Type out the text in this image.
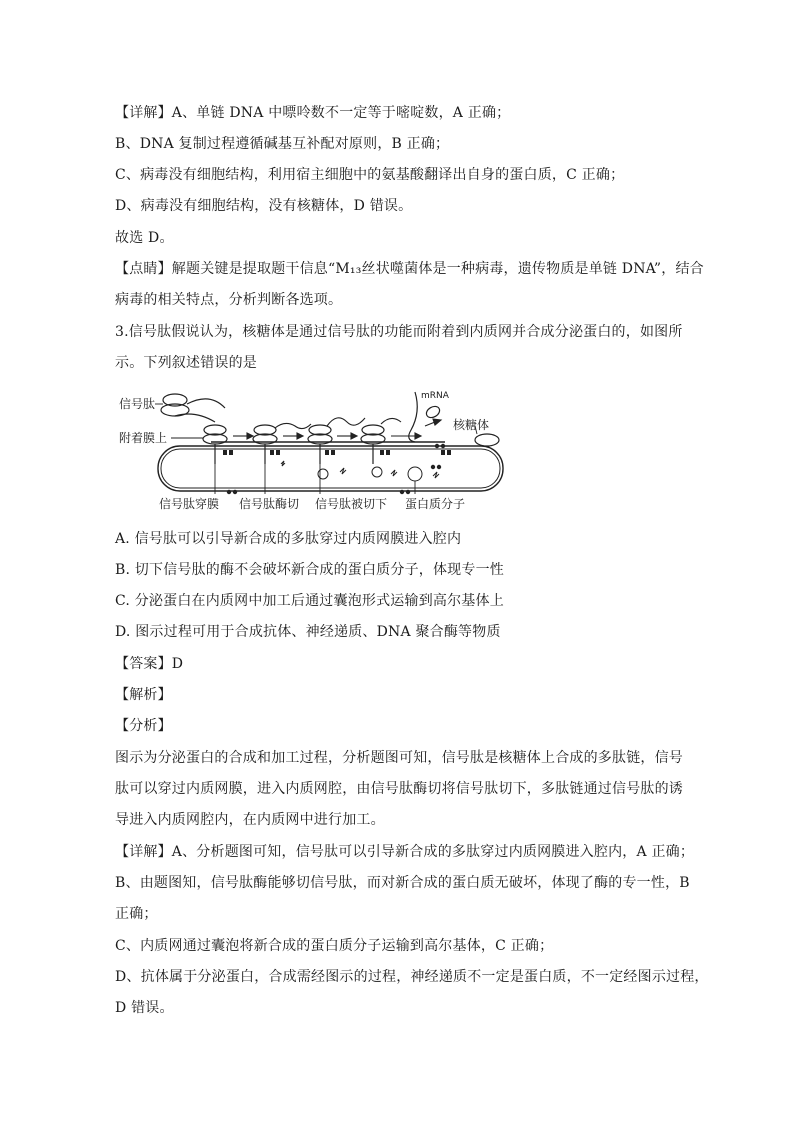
【详解】A、单链 DNA 中嘌呤数不一定等于嘧啶数，A 正确；
B、DNA 复制过程遵循碱基互补配对原则，B 正确；
C、病毒没有细胞结构，利用宿主细胞中的氨基酸翻译出自身的蛋白质，C 正确；
D、病毒没有细胞结构，没有核糖体，D 错误。
故选 D。
【点睛】解题关键是提取题干信息“M₁₃丝状噬菌体是一种病毒，遗传物质是单链 DNA”，结合
病毒的相关特点，分析判断各选项。
3.信号肽假说认为，核糖体是通过信号肽的功能而附着到内质网并合成分泌蛋白的，如图所
示。下列叙述错误的是
信号肽
附着膜上
mRNA
核糖体
信号肽穿膜 信号肽酶切 信号肽被切下 蛋白质分子
A. 信号肽可以引导新合成的多肽穿过内质网膜进入腔内
B. 切下信号肽的酶不会破坏新合成的蛋白质分子，体现专一性
C. 分泌蛋白在内质网中加工后通过囊泡形式运输到高尔基体上
D. 图示过程可用于合成抗体、神经递质、DNA 聚合酶等物质
【答案】D
【解析】
【分析】
图示为分泌蛋白的合成和加工过程，分析题图可知，信号肽是核糖体上合成的多肽链，信号
肽可以穿过内质网膜，进入内质网腔，由信号肽酶切将信号肽切下，多肽链通过信号肽的诱
导进入内质网腔内，在内质网中进行加工。
【详解】A、分析题图可知，信号肽可以引导新合成的多肽穿过内质网膜进入腔内，A 正确；
B、由题图知，信号肽酶能够切信号肽，而对新合成的蛋白质无破坏，体现了酶的专一性，B
正确；
C、内质网通过囊泡将新合成的蛋白质分子运输到高尔基体，C 正确；
D、抗体属于分泌蛋白，合成需经图示的过程，神经递质不一定是蛋白质，不一定经图示过程，
D 错误。
